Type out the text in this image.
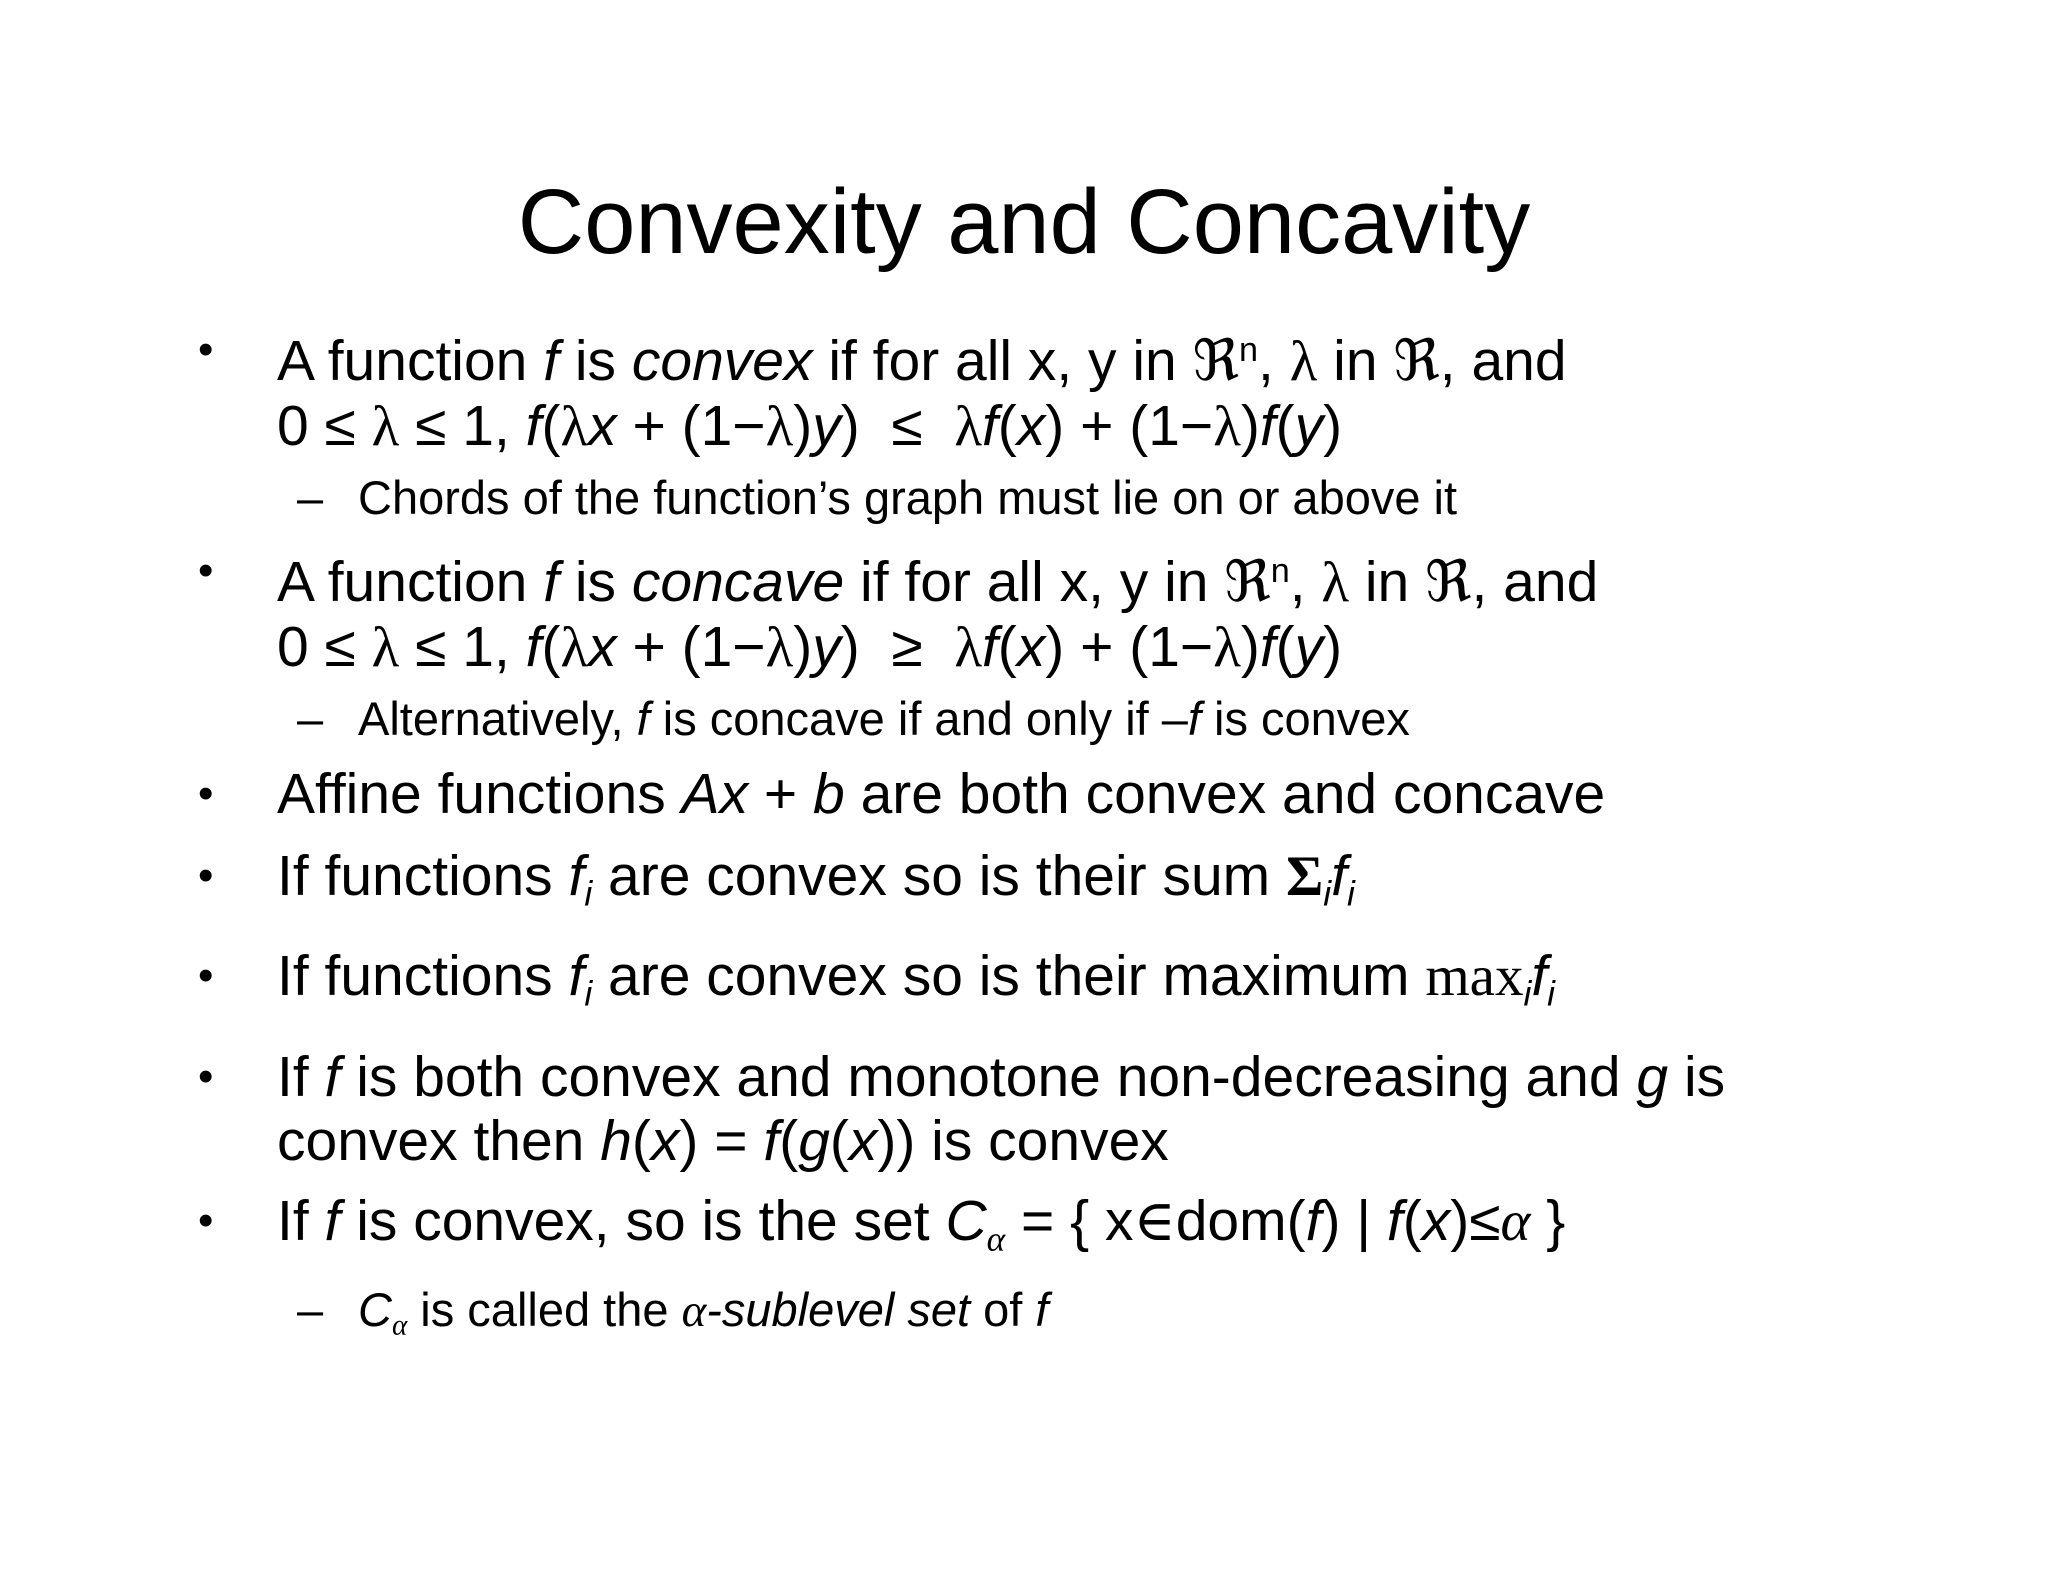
Convexity and Concavity
• A function f is convex if for all x, y in ℜ$^n$, λ in ℜ, and
0 ≤ λ ≤ 1, f(λx + (1−λ)y)  ≤  λf(x) + (1−λ)f(y)
– Chords of the function’s graph must lie on or above it
• A function f is concave if for all x, y in ℜ$^n$, λ in ℜ, and
0 ≤ λ ≤ 1, f(λx + (1−λ)y)  ≥  λf(x) + (1−λ)f(y)
– Alternatively, f is concave if and only if –f is convex
• Affine functions Ax + b are both convex and concave
• If functions $f_i$ are convex so is their sum $\Sigma_if_i$
• If functions $f_i$ are convex so is their maximum $\max_if_i$
• If f is both convex and monotone non-decreasing and g is
convex then h(x) = f(g(x)) is convex
• If f is convex, so is the set $C_\alpha$ = { x∈dom(f) | f(x)≤α }
– $C_\alpha$ is called the α-sublevel set of f
